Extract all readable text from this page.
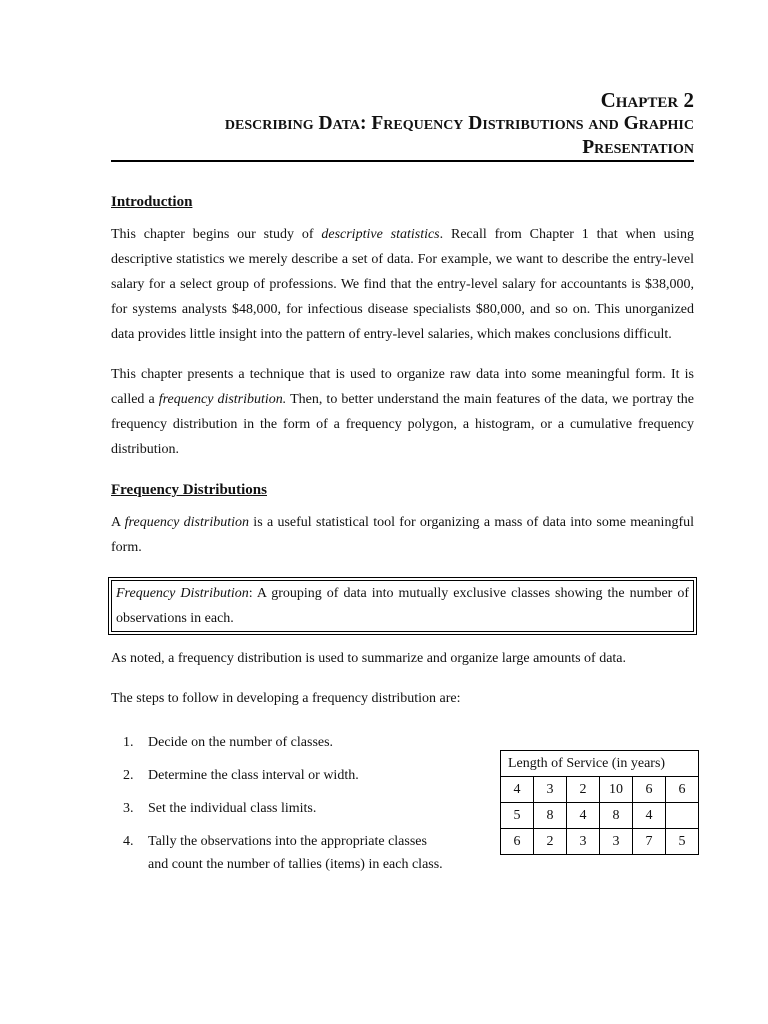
Chapter 2
describing Data: Frequency Distributions and Graphic
Presentation
Introduction

This chapter begins our study of descriptive statistics. Recall from Chapter 1 that when using descriptive statistics we merely describe a set of data. For example, we want to describe the entry-level salary for a select group of professions. We find that the entry-level salary for accountants is $38,000, for systems analysts $48,000, for infectious disease specialists $80,000, and so on. This unorganized data provides little insight into the pattern of entry-level salaries, which makes conclusions difficult.

This chapter presents a technique that is used to organize raw data into some meaningful form. It is called a frequency distribution. Then, to better understand the main features of the data, we portray the frequency distribution in the form of a frequency polygon, a histogram, or a cumulative frequency distribution.

Frequency Distributions

A frequency distribution is a useful statistical tool for organizing a mass of data into some meaningful form.

Frequency Distribution: A grouping of data into mutually exclusive classes showing the number of observations in each.

As noted, a frequency distribution is used to summarize and organize large amounts of data.

The steps to follow in developing a frequency distribution are:

1. Decide on the number of classes.
2. Determine the class interval or width.
3. Set the individual class limits.
4. Tally the observations into the appropriate classes
and count the number of tallies (items) in each class.
Length of Service (in years)					
4	3	2	10	6	6
5	8	4	8	4	
6	2	3	3	7	5
